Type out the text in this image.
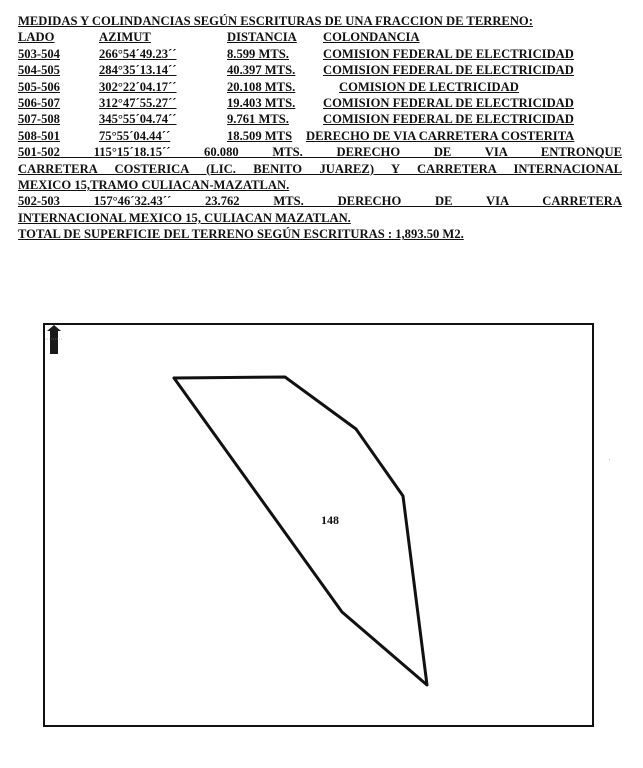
MEDIDAS Y COLINDANCIAS SEGÚN ESCRITURAS DE UNA FRACCION DE TERRENO:
LADO	AZIMUT	DISTANCIA	COLONDANCIA
503-504	266°54´49.23´´	8.599 MTS.	COMISION FEDERAL DE ELECTRICIDAD
504-505	284°35´13.14´´	40.397 MTS.	COMISION FEDERAL DE ELECTRICIDAD
505-506	302°22´04.17´´	20.108 MTS.	COMISION DE LECTRICIDAD
506-507	312°47´55.27´´	19.403 MTS.	COMISION FEDERAL DE ELECTRICIDAD
507-508	345°55´04.74´´	9.761 MTS.	COMISION FEDERAL DE ELECTRICIDAD
508-501	75°55´04.44´´	18.509 MTS	DERECHO DE VIA CARRETERA COSTERITA
501-502 115°15´18.15´´ 60.080 MTS. DERECHO DE VIA ENTRONQUE
CARRETERA COSTERICA (LIC. BENITO JUAREZ) Y CARRETERA INTERNACIONAL
MEXICO 15,TRAMO CULIACAN-MAZATLAN.
502-503 157°46´32.43´´ 23.762 MTS. DERECHO DE VIA CARRETERA
INTERNACIONAL MEXICO 15, CULIACAN MAZATLAN.
TOTAL DE SUPERFICIE DEL TERRENO SEGÚN ESCRITURAS : 1,893.50 M2.
148
